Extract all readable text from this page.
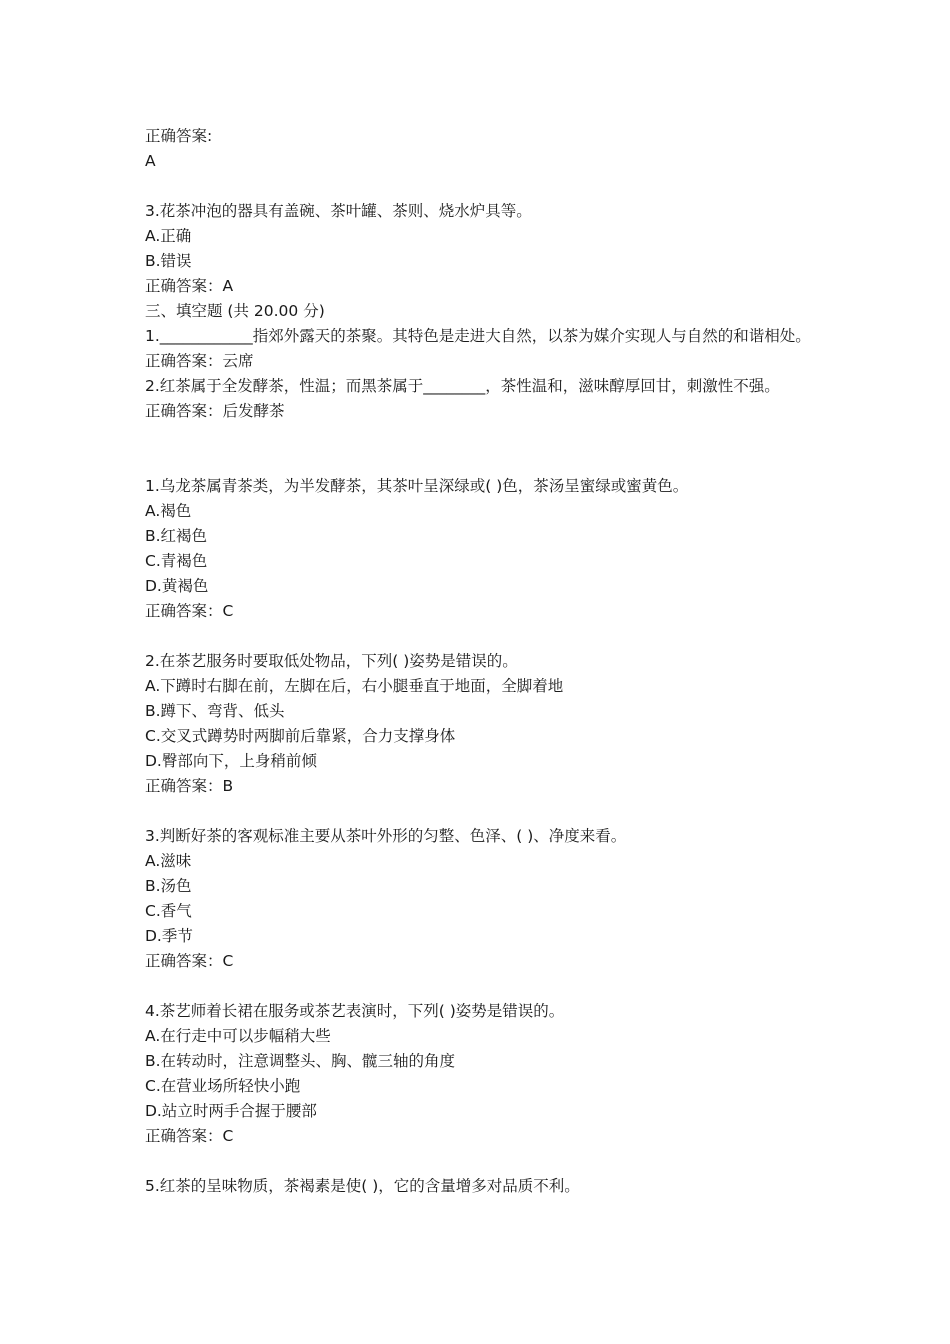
正确答案:
A
3.花茶冲泡的器具有盖碗、茶叶罐、茶则、烧水炉具等。
A.正确
B.错误
正确答案：A
三、填空题 (共 20.00 分)
1.____________指郊外露天的茶聚。其特色是走进大自然，以茶为媒介实现人与自然的和谐相处。
正确答案：云席
2.红茶属于全发酵茶，性温；而黑茶属于________，茶性温和，滋味醇厚回甘，刺激性不强。
正确答案：后发酵茶
1.乌龙茶属青茶类，为半发酵茶，其茶叶呈深绿或( )色，茶汤呈蜜绿或蜜黄色。
A.褐色
B.红褐色
C.青褐色
D.黄褐色
正确答案：C
2.在茶艺服务时要取低处物品，下列( )姿势是错误的。
A.下蹲时右脚在前，左脚在后，右小腿垂直于地面，全脚着地
B.蹲下、弯背、低头
C.交叉式蹲势时两脚前后靠紧，合力支撑身体
D.臀部向下，上身稍前倾
正确答案：B
3.判断好茶的客观标准主要从茶叶外形的匀整、色泽、( )、净度来看。
A.滋味
B.汤色
C.香气
D.季节
正确答案：C
4.茶艺师着长裙在服务或茶艺表演时，下列( )姿势是错误的。
A.在行走中可以步幅稍大些
B.在转动时，注意调整头、胸、髋三轴的角度
C.在营业场所轻快小跑
D.站立时两手合握于腰部
正确答案：C
5.红茶的呈味物质，茶褐素是使( )，它的含量增多对品质不利。
